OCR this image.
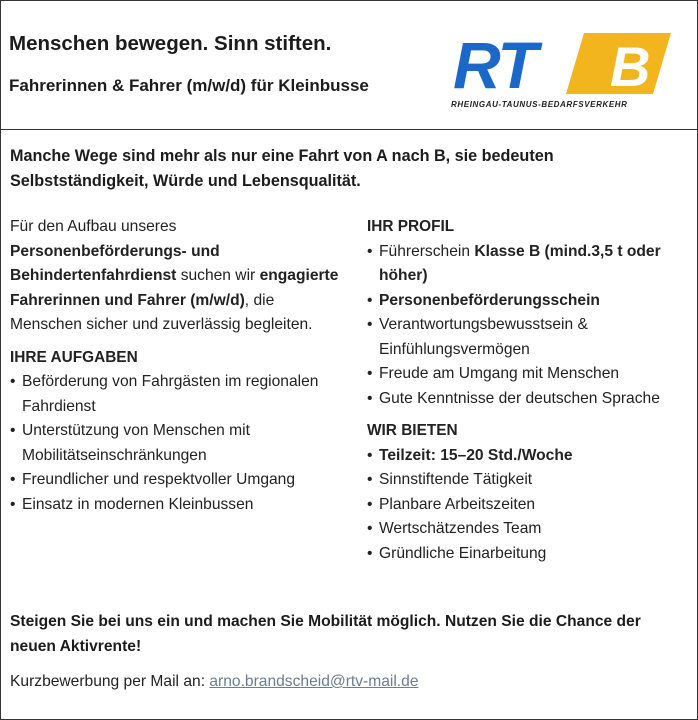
Menschen bewegen. Sinn stiften.
Fahrerinnen & Fahrer (m/w/d) für Kleinbusse	B
RT
RHEINGAU-TAUNUS-BEDARFSVERKEHR
Manche Wege sind mehr als nur eine Fahrt von A nach B, sie bedeuten Selbstständigkeit, Würde und Lebensqualität.

Für den Aufbau unseres Personenbeförderungs- und Behindertenfahrdienst suchen wir engagierte Fahrerinnen und Fahrer (m/w/d), die Menschen sicher und zuverlässig begleiten.

IHRE AUFGABEN
• Beförderung von Fahrgästen im regionalen Fahrdienst
• Unterstützung von Menschen mit Mobilitätseinschränkungen
• Freundlicher und respektvoller Umgang
• Einsatz in modernen Kleinbussen
IHR PROFIL
• Führerschein Klasse B (mind.3,5 t oder höher)
• Personenbeförderungsschein
• Verantwortungsbewusstsein & Einfühlungsvermögen
• Freude am Umgang mit Menschen
• Gute Kenntnisse der deutschen Sprache
WIR BIETEN
• Teilzeit: 15–20 Std./Woche
• Sinnstiftende Tätigkeit
• Planbare Arbeitszeiten
• Wertschätzendes Team
• Gründliche Einarbeitung
Steigen Sie bei uns ein und machen Sie Mobilität möglich. Nutzen Sie die Chance der neuen Aktivrente!
Kurzbewerbung per Mail an: arno.brandscheid@rtv-mail.de
